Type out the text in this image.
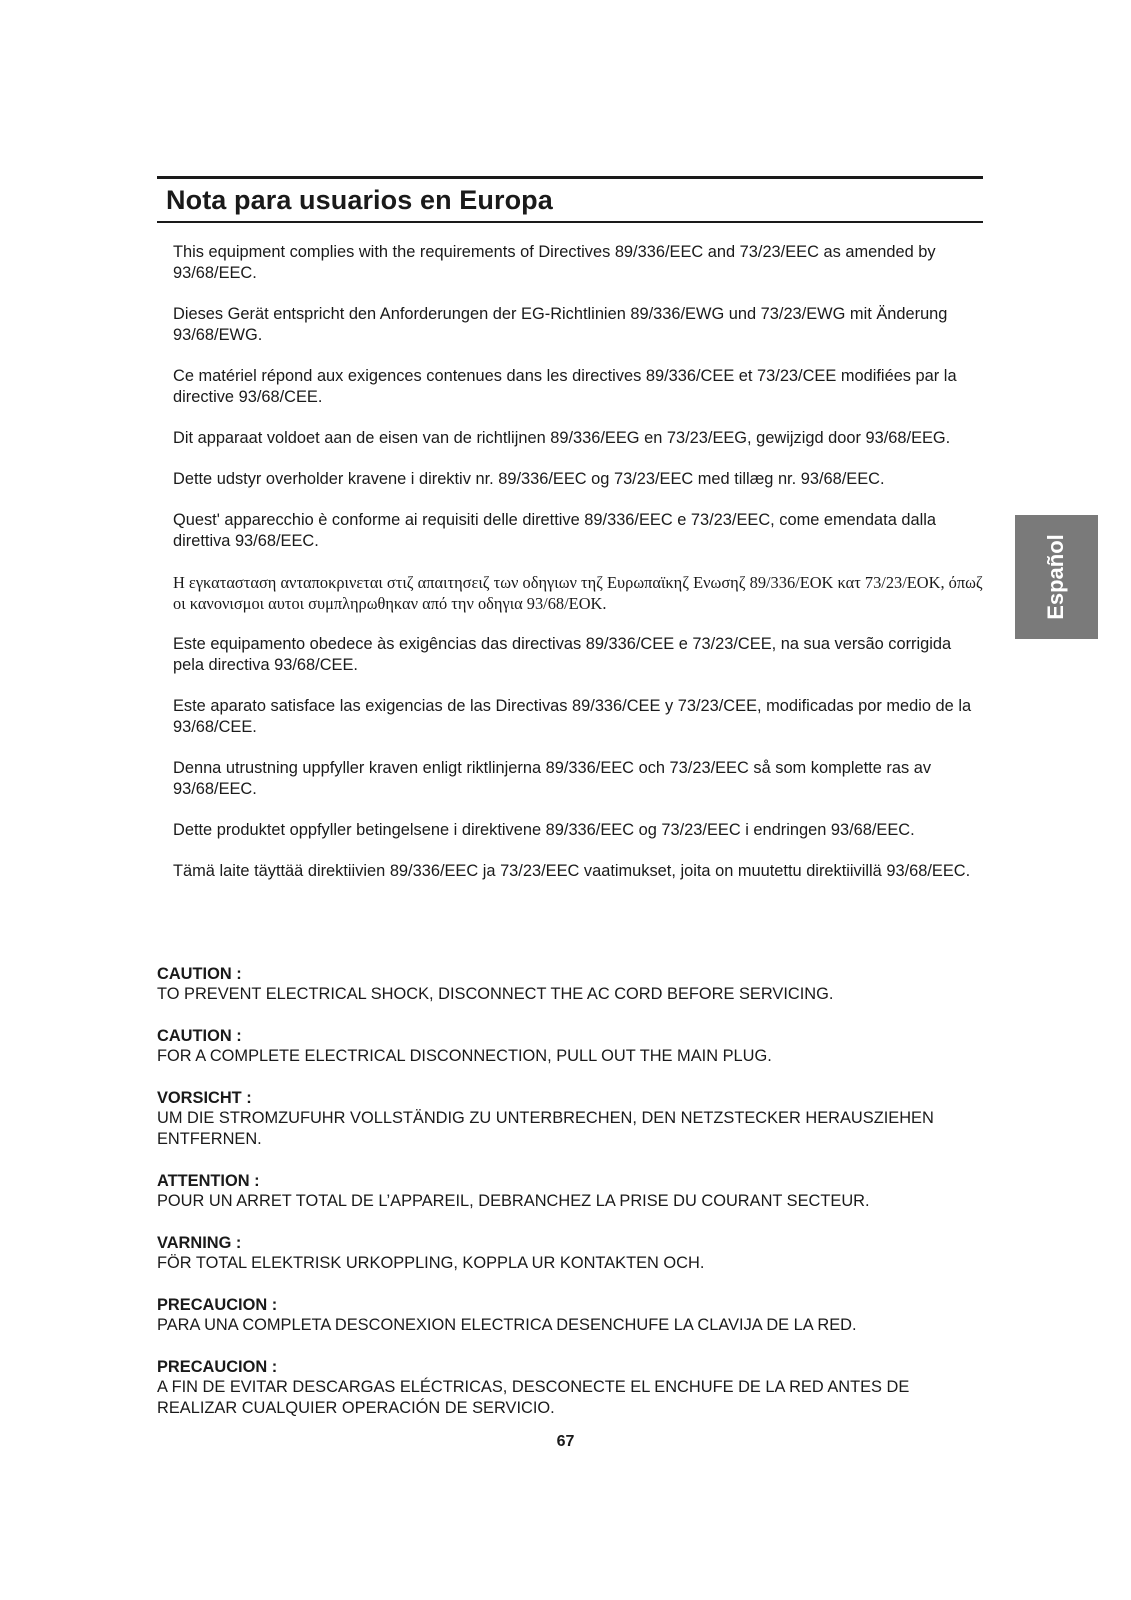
Nota para usuarios en Europa

This equipment complies with the requirements of Directives 89/336/EEC and 73/23/EEC as amended by 93/68/EEC.

Dieses Gerät entspricht den Anforderungen der EG-Richtlinien 89/336/EWG und 73/23/EWG mit Änderung 93/68/EWG.

Ce matériel répond aux exigences contenues dans les directives 89/336/CEE et 73/23/CEE modifiées par la directive 93/68/CEE.

Dit apparaat voldoet aan de eisen van de richtlijnen 89/336/EEG en 73/23/EEG, gewijzigd door 93/68/EEG.

Dette udstyr overholder kravene i direktiv nr. 89/336/EEC og 73/23/EEC med tillæg nr. 93/68/EEC.

Quest' apparecchio è conforme ai requisiti delle direttive 89/336/EEC e 73/23/EEC, come emendata dalla direttiva 93/68/EEC.

Η εγκατασταση ανταποκρινεται στιζ απαιτησειζ των οδηγιων τηζ Ευρωπαϊκηζ Ενωσηζ 89/336/ΕΟΚ κατ 73/23/ΕΟΚ, όπωζ οι κανονισμοι αυτοι συμπληρωθηκαν από την οδηγια 93/68/ΕΟΚ.

Este equipamento obedece às exigências das directivas 89/336/CEE e 73/23/CEE, na sua versão corrigida pela directiva 93/68/CEE.

Este aparato satisface las exigencias de las Directivas 89/336/CEE y 73/23/CEE, modificadas por medio de la 93/68/CEE.

Denna utrustning uppfyller kraven enligt riktlinjerna 89/336/EEC och 73/23/EEC så som komplette ras av 93/68/EEC.

Dette produktet oppfyller betingelsene i direktivene 89/336/EEC og 73/23/EEC i endringen 93/68/EEC.

Tämä laite täyttää direktiivien 89/336/EEC ja 73/23/EEC vaatimukset, joita on muutettu direktiivillä 93/68/EEC.

CAUTION :
TO PREVENT ELECTRICAL SHOCK, DISCONNECT THE AC CORD BEFORE SERVICING.
CAUTION :
FOR A COMPLETE ELECTRICAL DISCONNECTION, PULL OUT THE MAIN PLUG.
VORSICHT :
UM DIE STROMZUFUHR VOLLSTÄNDIG ZU UNTERBRECHEN, DEN NETZSTECKER HERAUSZIEHEN ENTFERNEN.
ATTENTION :
POUR UN ARRET TOTAL DE L’APPAREIL, DEBRANCHEZ LA PRISE DU COURANT SECTEUR.
VARNING :
FÖR TOTAL ELEKTRISK URKOPPLING, KOPPLA UR KONTAKTEN OCH.
PRECAUCION :
PARA UNA COMPLETA DESCONEXION ELECTRICA DESENCHUFE LA CLAVIJA DE LA RED.
PRECAUCION :
A FIN DE EVITAR DESCARGAS ELÉCTRICAS, DESCONECTE EL ENCHUFE DE LA RED ANTES DE REALIZAR CUALQUIER OPERACIÓN DE SERVICIO.
67
Español
